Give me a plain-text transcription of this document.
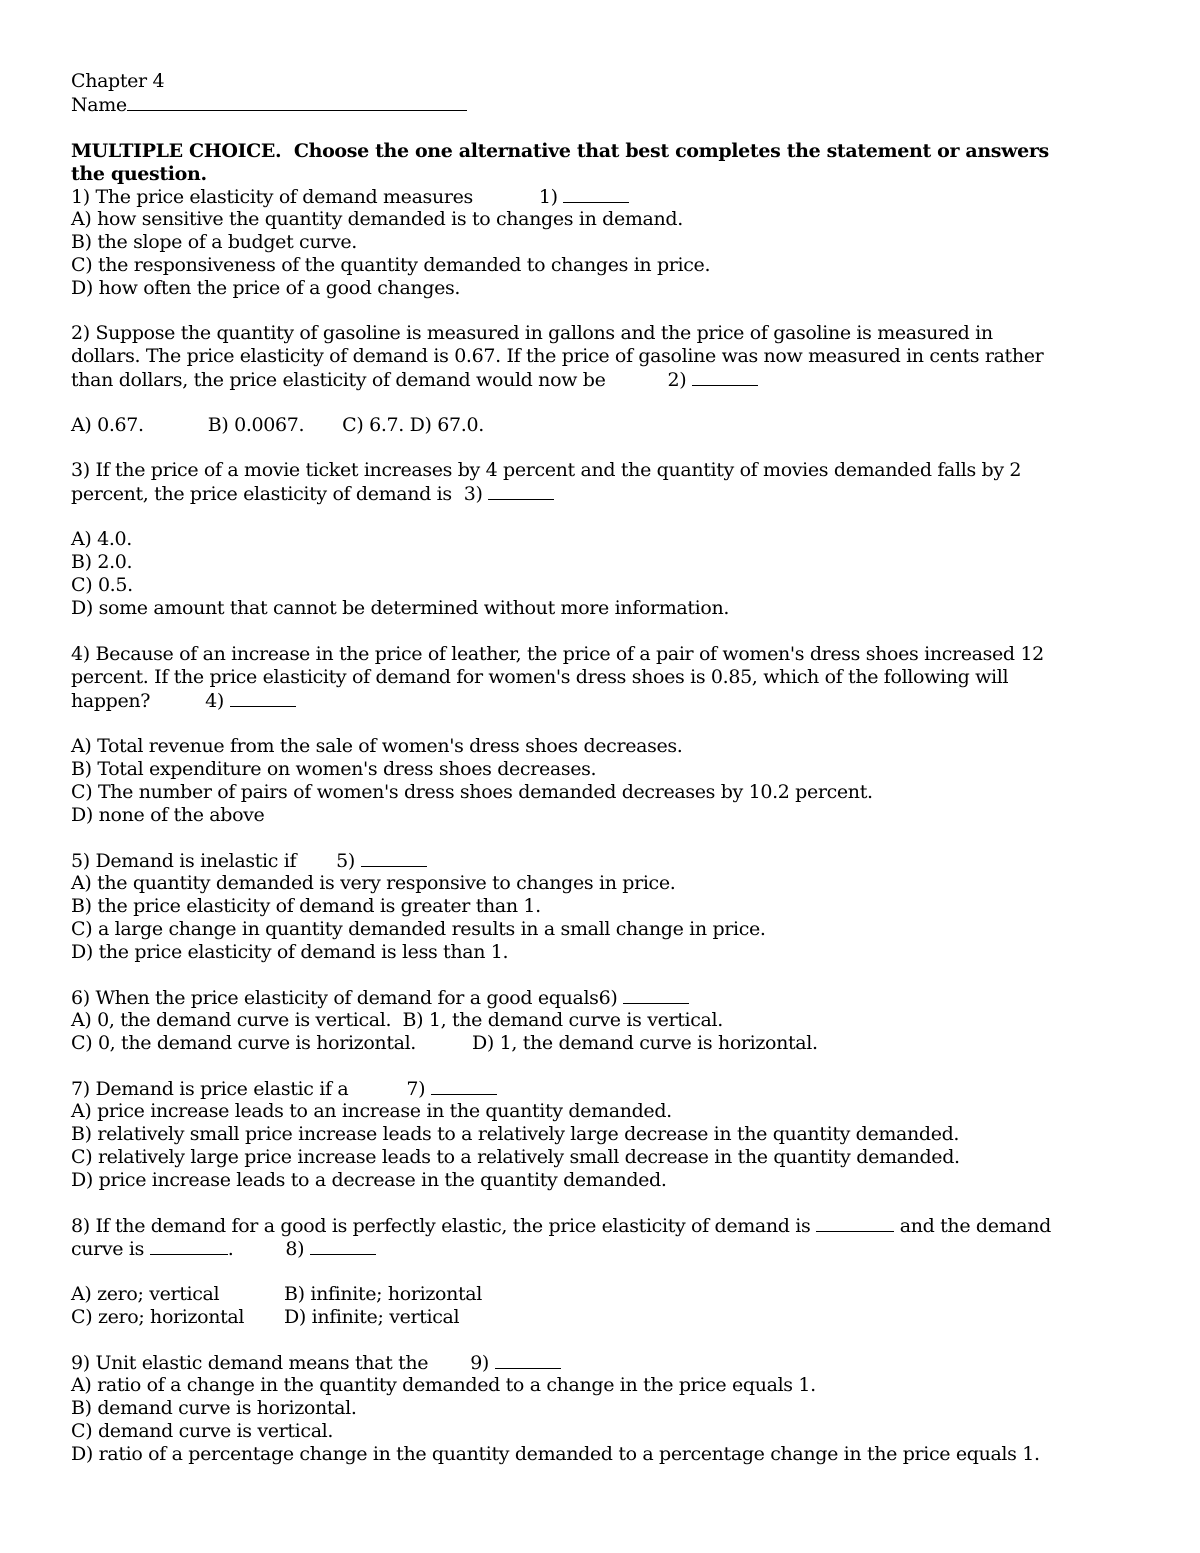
Chapter 4
Name
MULTIPLE CHOICE.  Choose the one alternative that best completes the statement or answers
the question.
1) The price elasticity of demand measures	1)
A) how sensitive the quantity demanded is to changes in demand.
B) the slope of a budget curve.
C) the responsiveness of the quantity demanded to changes in price.
D) how often the price of a good changes.
2) Suppose the quantity of gasoline is measured in gallons and the price of gasoline is measured in
dollars. The price elasticity of demand is 0.67. If the price of gasoline was now measured in cents rather
than dollars, the price elasticity of demand would now be	2)
A) 0.67.	B) 0.0067. C) 6.7. D) 67.0.
3) If the price of a movie ticket increases by 4 percent and the quantity of movies demanded falls by 2
percent, the price elasticity of demand is 3)
A) 4.0.
B) 2.0.
C) 0.5.
D) some amount that cannot be determined without more information.
4) Because of an increase in the price of leather, the price of a pair of women's dress shoes increased 12
percent. If the price elasticity of demand for women's dress shoes is 0.85, which of the following will
happen?	4)
A) Total revenue from the sale of women's dress shoes decreases.
B) Total expenditure on women's dress shoes decreases.
C) The number of pairs of women's dress shoes demanded decreases by 10.2 percent.
D) none of the above
5) Demand is inelastic if 5)
A) the quantity demanded is very responsive to changes in price.
B) the price elasticity of demand is greater than 1.
C) a large change in quantity demanded results in a small change in price.
D) the price elasticity of demand is less than 1.
6) When the price elasticity of demand for a good equals6)
A) 0, the demand curve is vertical. B) 1, the demand curve is vertical.
C) 0, the demand curve is horizontal.	D) 1, the demand curve is horizontal.
7) Demand is price elastic if a	7)
A) price increase leads to an increase in the quantity demanded.
B) relatively small price increase leads to a relatively large decrease in the quantity demanded.
C) relatively large price increase leads to a relatively small decrease in the quantity demanded.
D) price increase leads to a decrease in the quantity demanded.
8) If the demand for a good is perfectly elastic, the price elasticity of demand is	and the demand
curve is	.	8)
A) zero; vertical	B) infinite; horizontal
C) zero; horizontal D) infinite; vertical
9) Unit elastic demand means that the 9)
A) ratio of a change in the quantity demanded to a change in the price equals 1.
B) demand curve is horizontal.
C) demand curve is vertical.
D) ratio of a percentage change in the quantity demanded to a percentage change in the price equals 1.
